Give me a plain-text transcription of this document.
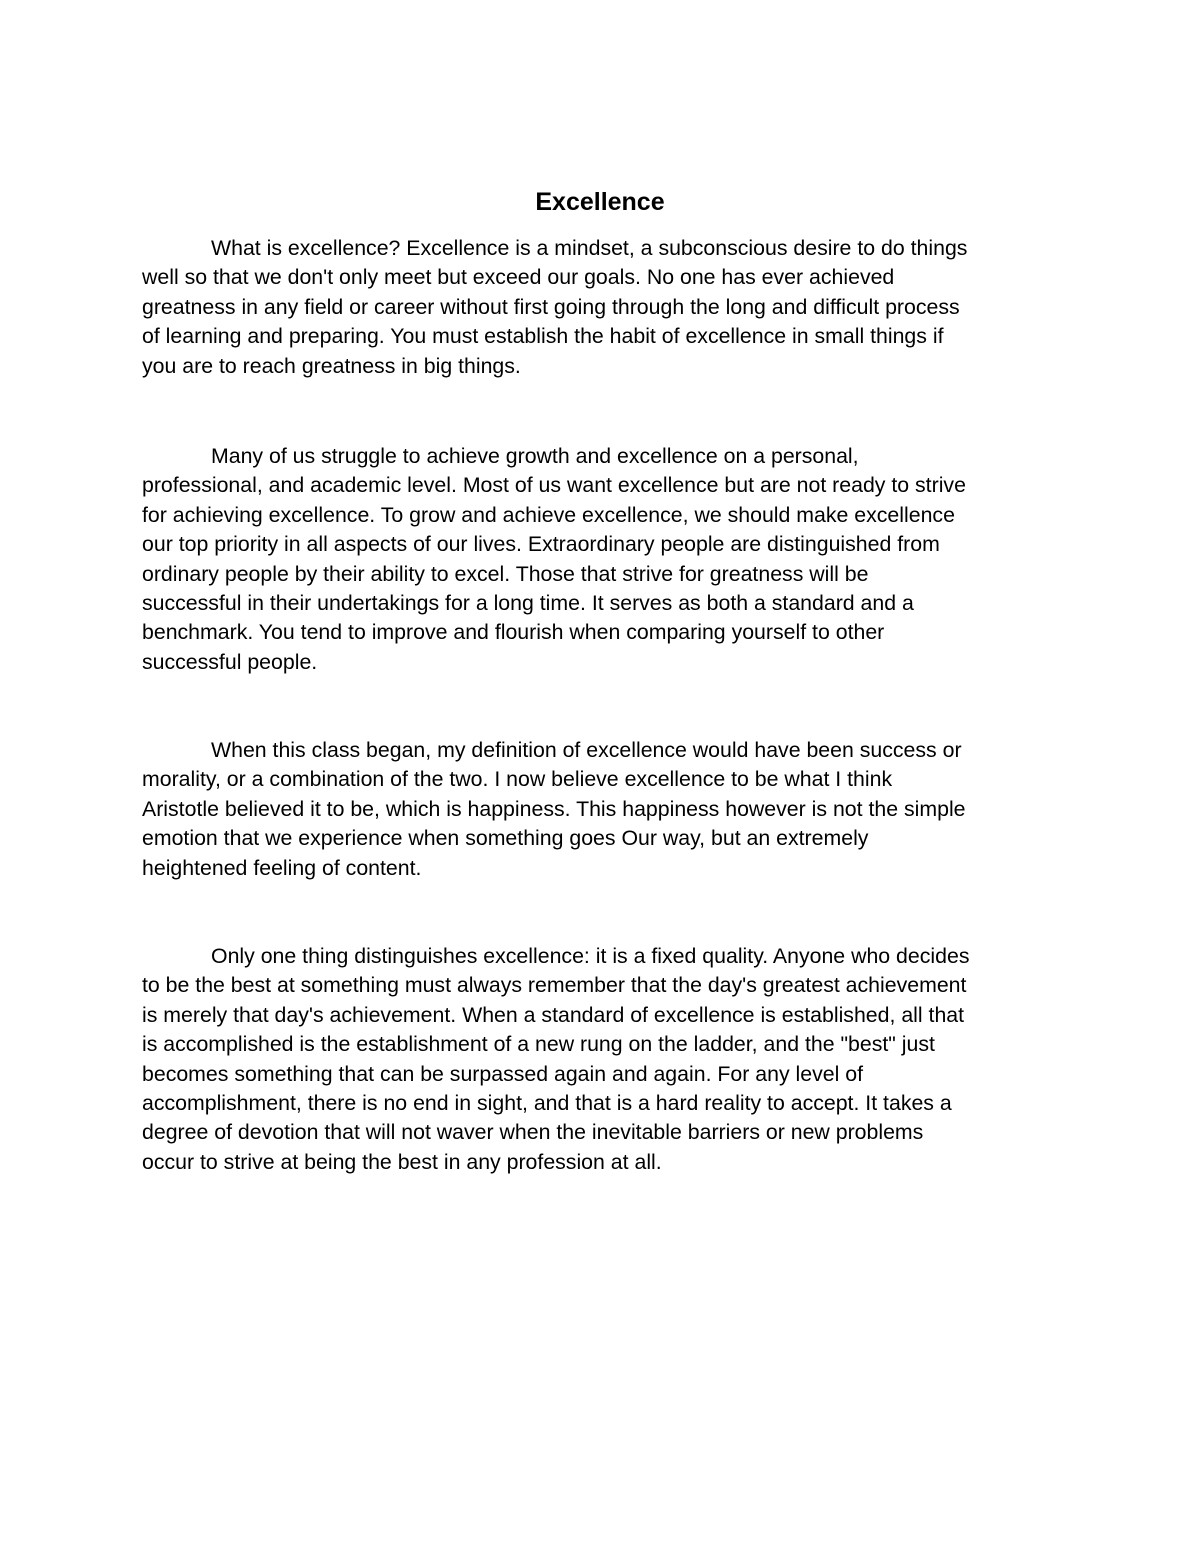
Excellence

What is excellence? Excellence is a mindset, a subconscious desire to do things
well so that we don't only meet but exceed our goals. No one has ever achieved
greatness in any field or career without first going through the long and difficult process
of learning and preparing. You must establish the habit of excellence in small things if
you are to reach greatness in big things.

Many of us struggle to achieve growth and excellence on a personal,
professional, and academic level. Most of us want excellence but are not ready to strive
for achieving excellence. To grow and achieve excellence, we should make excellence
our top priority in all aspects of our lives. Extraordinary people are distinguished from
ordinary people by their ability to excel. Those that strive for greatness will be
successful in their undertakings for a long time. It serves as both a standard and a
benchmark. You tend to improve and flourish when comparing yourself to other
successful people.

When this class began, my definition of excellence would have been success or
morality, or a combination of the two. I now believe excellence to be what I think
Aristotle believed it to be, which is happiness. This happiness however is not the simple
emotion that we experience when something goes Our way, but an extremely
heightened feeling of content.

Only one thing distinguishes excellence: it is a fixed quality. Anyone who decides
to be the best at something must always remember that the day's greatest achievement
is merely that day's achievement. When a standard of excellence is established, all that
is accomplished is the establishment of a new rung on the ladder, and the "best" just
becomes something that can be surpassed again and again. For any level of
accomplishment, there is no end in sight, and that is a hard reality to accept. It takes a
degree of devotion that will not waver when the inevitable barriers or new problems
occur to strive at being the best in any profession at all.
